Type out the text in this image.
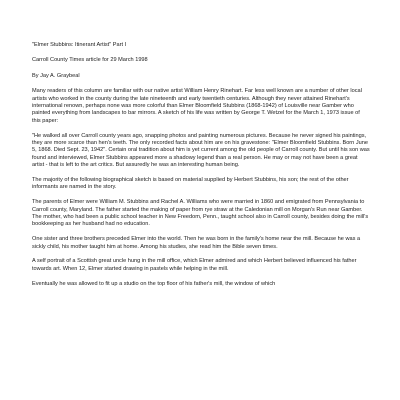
"Elmer Stubbins: Itinerant Artist" Part I

Carroll County Times article for 29 March 1998

By Jay A. Graybeal

Many readers of this column are familiar with our native artist William Henry Rinehart. Far less well known are a number of other local artists who worked in the county during the late nineteenth and early twentieth centuries. Although they never attained Rinehart's international renown, perhaps none was more colorful than Elmer Bloomfield Stubbins (1868-1942) of Louisville near Gamber who painted everything from landscapes to bar mirrors. A sketch of his life was written by George T. Wetzel for the March 1, 1973 issue of this paper:

"He walked all over Carroll county years ago, snapping photos and painting numerous pictures. Because he never signed his paintings, they are more scarce than hen's teeth. The only recorded facts about him are on his gravestone: "Elmer Bloomfield Stubbins. Born June 5, 1868. Died Sept. 23, 1942". Certain oral tradition about him is yet current among the old people of Carroll county. But until his son was found and interviewed, Elmer Stubbins appeared more a shadowy legend than a real person. He may or may not have been a great artist - that is left to the art critics. But assuredly he was an interesting human being.

The majority of the following biographical sketch is based on material supplied by Herbert Stubbins, his son; the rest of the other informants are named in the story.

The parents of Elmer were William M. Stubbins and Rachel A. Williams who were married in 1860 and emigrated from Pennsylvania to Carroll county, Maryland. The father started the making of paper from rye straw at the Caledonian mill on Morgan's Run near Gamber. The mother, who had been a public school teacher in New Freedom, Penn., taught school also in Carroll county, besides doing the mill's bookkeeping as her husband had no education.

One sister and three brothers preceded Elmer into the world. Then he was born in the family's home near the mill. Because he was a sickly child, his mother taught him at home. Among his studies, she read him the Bible seven times.

A self portrait of a Scottish great uncle hung in the mill office, which Elmer admired and which Herbert believed influenced his father towards art. When 12, Elmer started drawing in pastels while helping in the mill.

Eventually he was allowed to fit up a studio on the top floor of his father's mill, the window of which
